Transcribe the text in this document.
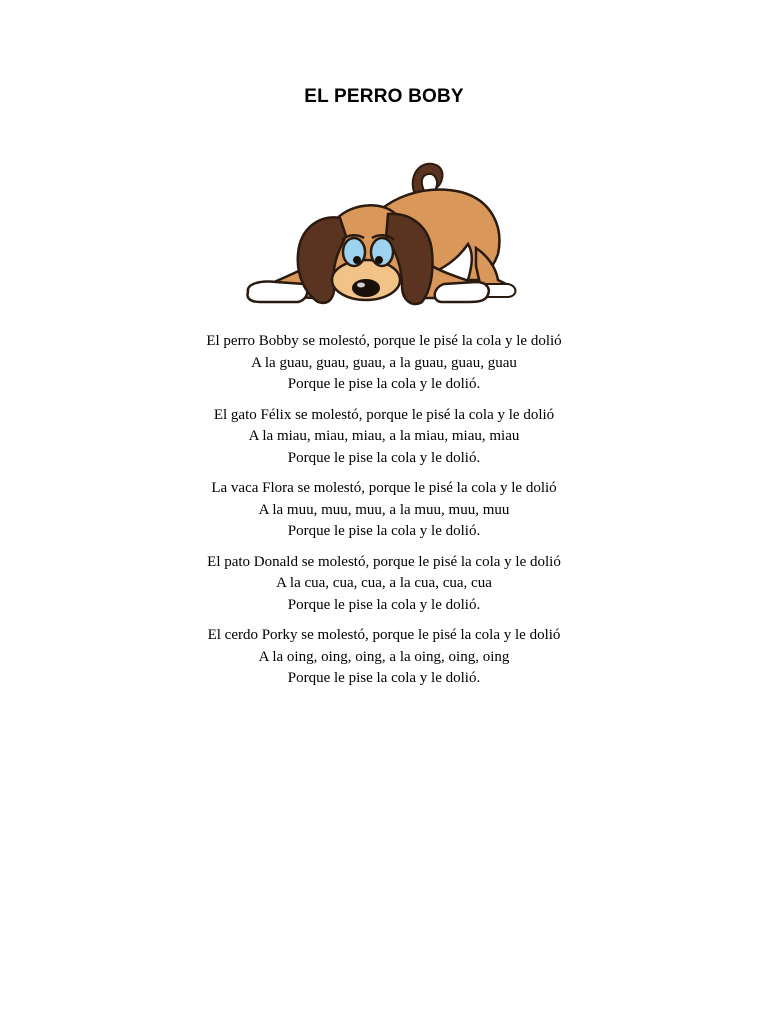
EL PERRO BOBY
El perro Bobby se molestó, porque le pisé la cola y le dolió
A la guau, guau, guau, a la guau, guau, guau
Porque le pise la cola y le dolió.
El gato Félix se molestó, porque le pisé la cola y le dolió
A la miau, miau, miau, a la miau, miau, miau
Porque le pise la cola y le dolió.
La vaca Flora se molestó, porque le pisé la cola y le dolió
A la muu, muu, muu, a la muu, muu, muu
Porque le pise la cola y le dolió.
El pato Donald se molestó, porque le pisé la cola y le dolió
A la cua, cua, cua, a la cua, cua, cua
Porque le pise la cola y le dolió.
El cerdo Porky se molestó, porque le pisé la cola y le dolió
A la oing, oing, oing, a la oing, oing, oing
Porque le pise la cola y le dolió.
